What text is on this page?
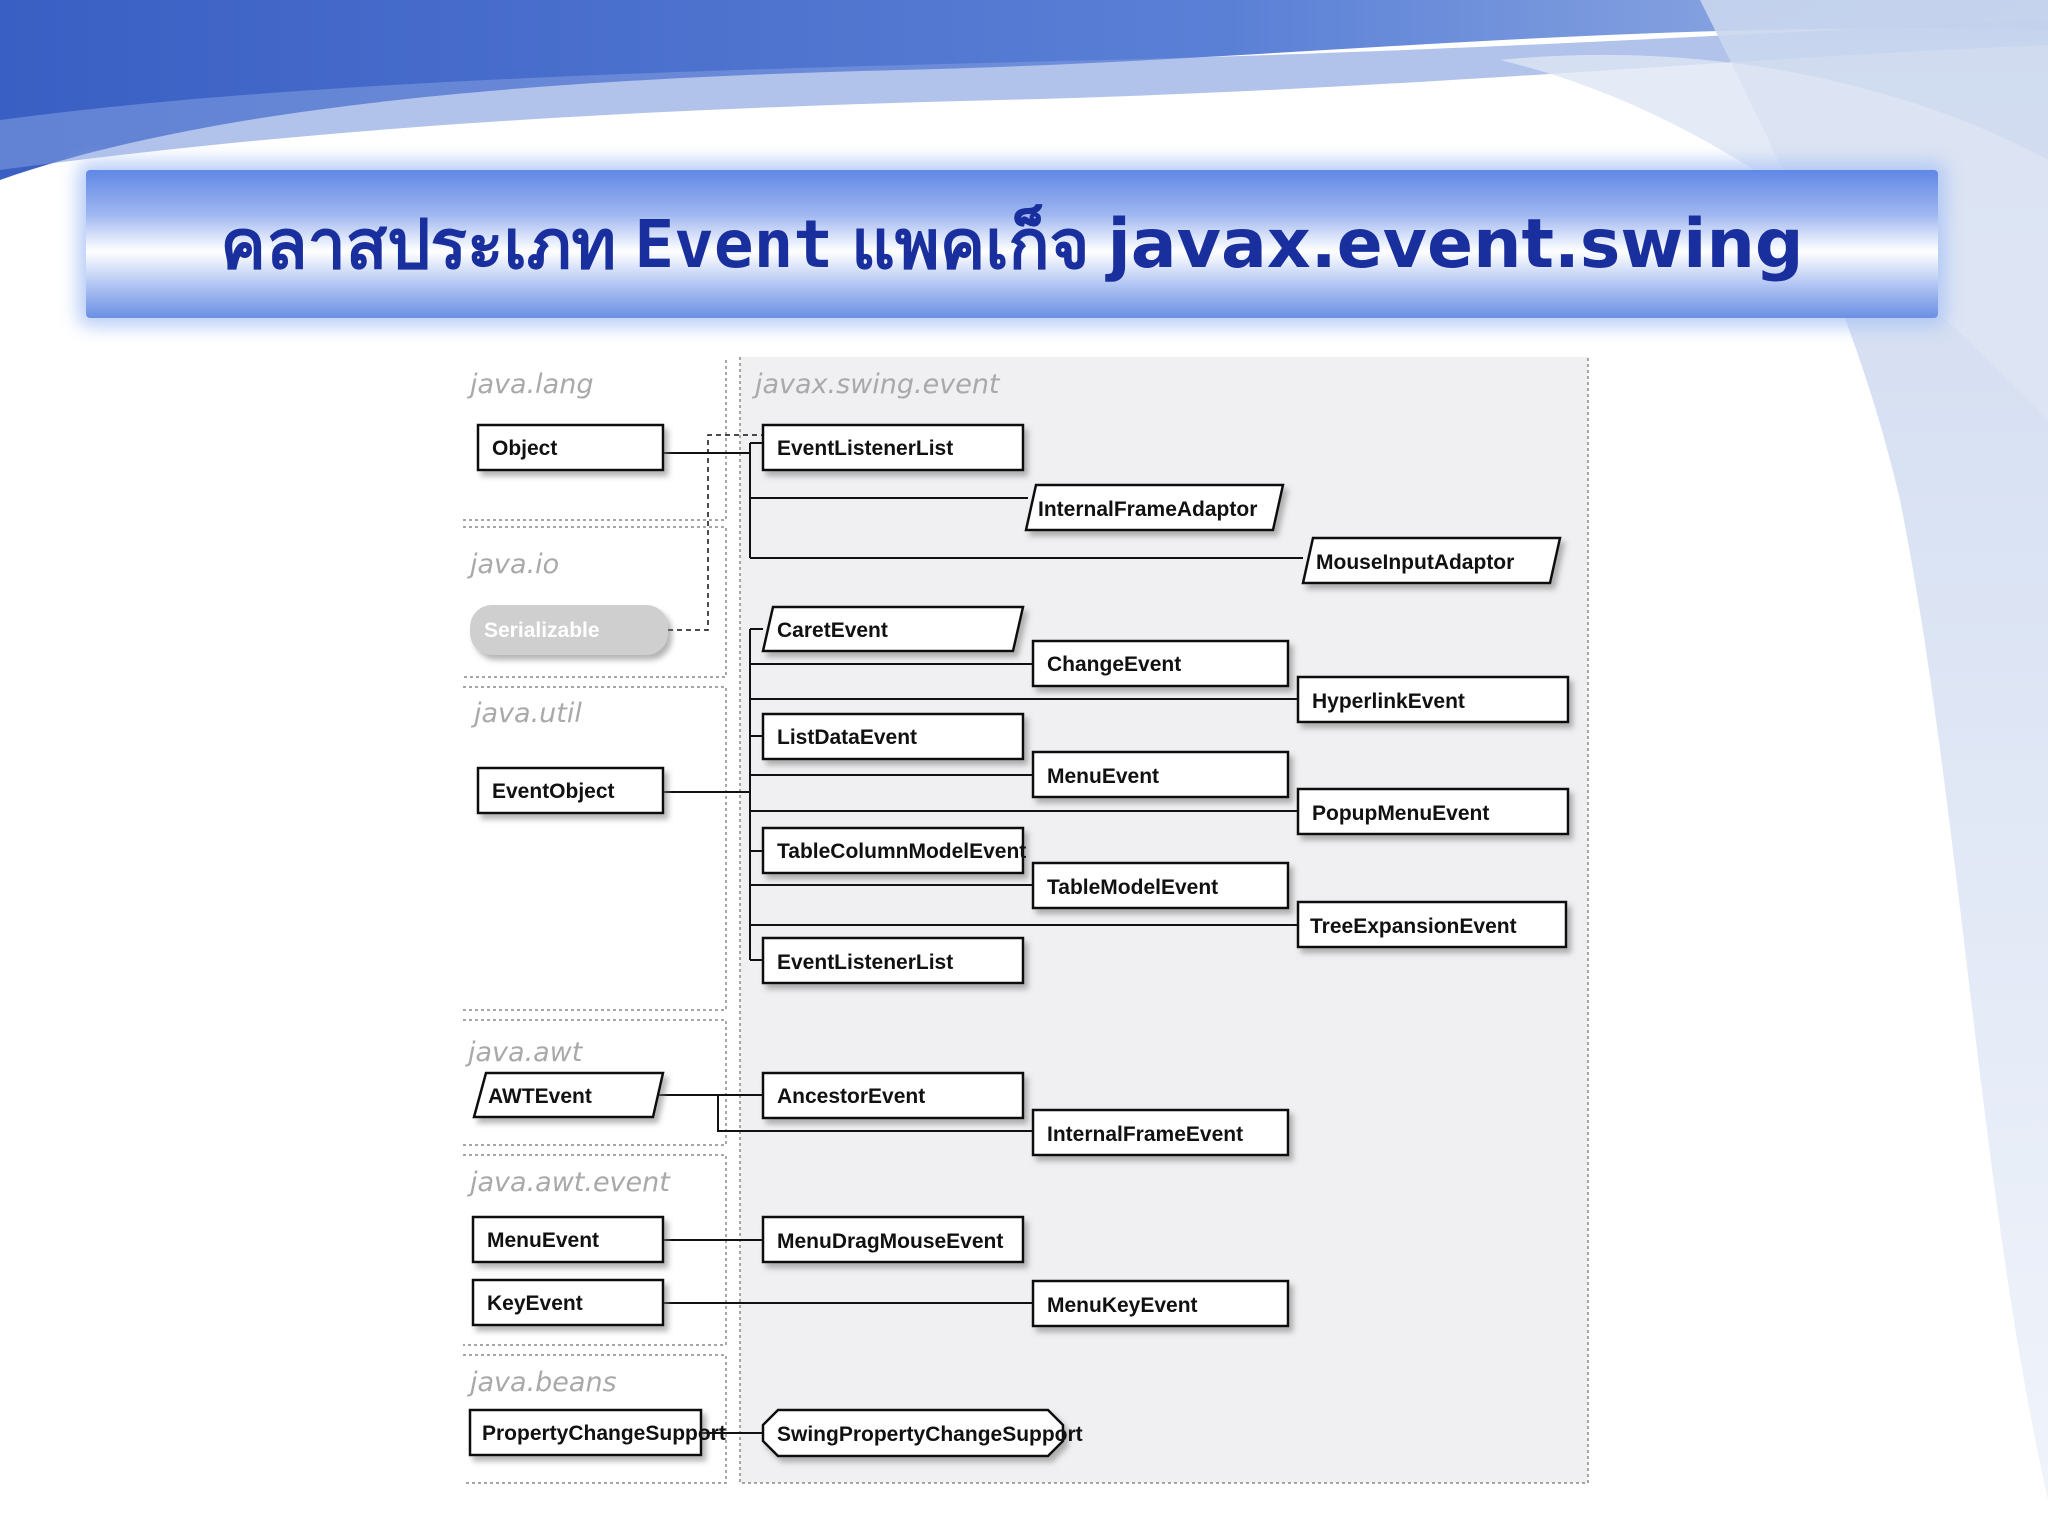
คลาสประเภท Event แพคเก็จ javax.event.swing
java.lang
java.io
java.util
java.awt
java.awt.event
java.beans
javax.swing.event
Object
Serializable
EventObject
AWTEvent
MenuEvent
KeyEvent
PropertyChangeSupport
EventListenerList
InternalFrameAdaptor
MouseInputAdaptor
CaretEvent
ChangeEvent
HyperlinkEvent
ListDataEvent
MenuEvent
PopupMenuEvent
TableColumnModelEvent
TableModelEvent
TreeExpansionEvent
EventListenerList
AncestorEvent
InternalFrameEvent
MenuDragMouseEvent
MenuKeyEvent
SwingPropertyChangeSupport
